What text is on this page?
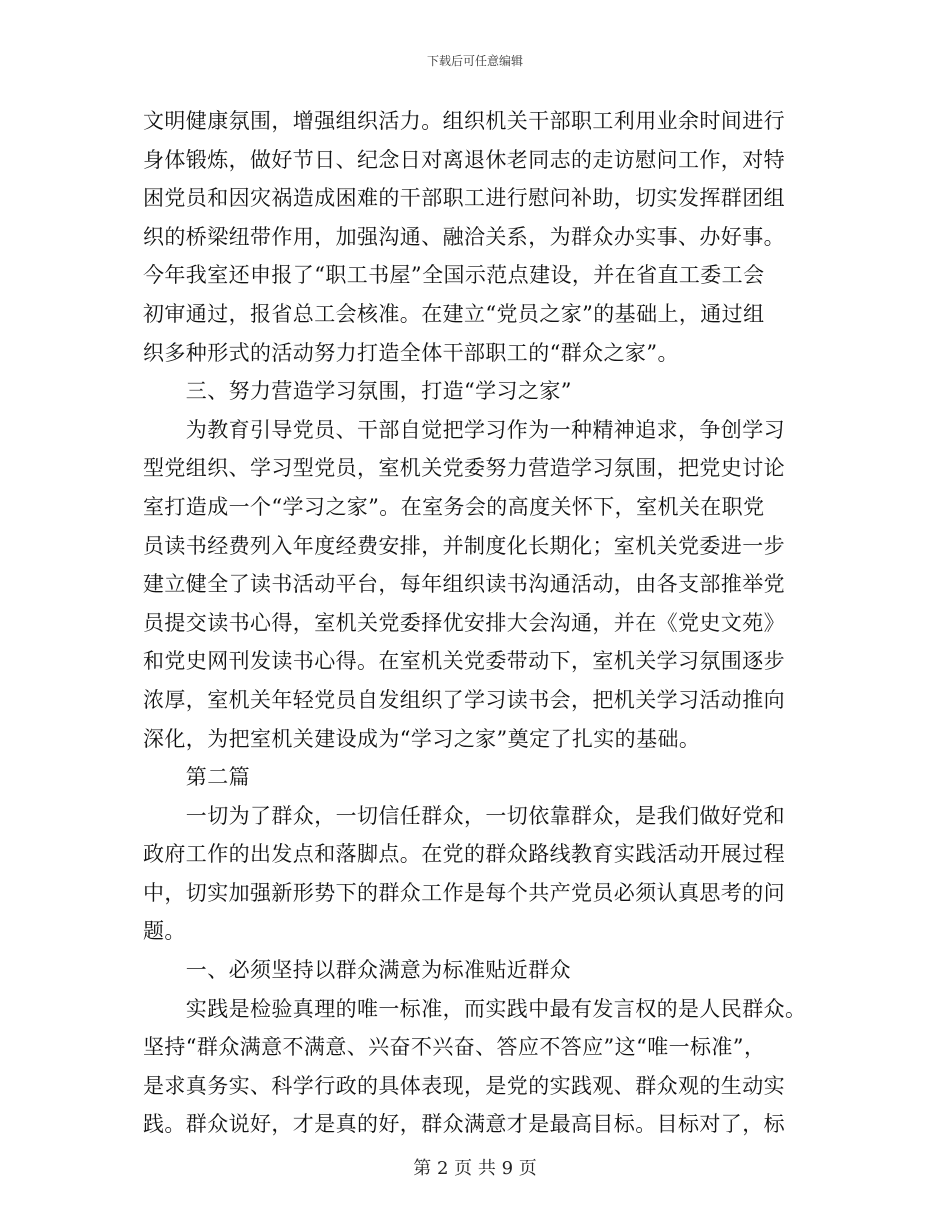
下载后可任意编辑
文明健康氛围，增强组织活力。组织机关干部职工利用业余时间进行
身体锻炼，做好节日、纪念日对离退休老同志的走访慰问工作，对特
困党员和因灾祸造成困难的干部职工进行慰问补助，切实发挥群团组
织的桥梁纽带作用，加强沟通、融洽关系，为群众办实事、办好事。
今年我室还申报了“职工书屋”全国示范点建设，并在省直工委工会
初审通过，报省总工会核准。在建立“党员之家”的基础上，通过组
织多种形式的活动努力打造全体干部职工的“群众之家”。
　　三、努力营造学习氛围，打造“学习之家”
　　为教育引导党员、干部自觉把学习作为一种精神追求，争创学习
型党组织、学习型党员，室机关党委努力营造学习氛围，把党史讨论
室打造成一个“学习之家”。在室务会的高度关怀下，室机关在职党
员读书经费列入年度经费安排，并制度化长期化；室机关党委进一步
建立健全了读书活动平台，每年组织读书沟通活动，由各支部推举党
员提交读书心得，室机关党委择优安排大会沟通，并在《党史文苑》
和党史网刊发读书心得。在室机关党委带动下，室机关学习氛围逐步
浓厚，室机关年轻党员自发组织了学习读书会，把机关学习活动推向
深化，为把室机关建设成为“学习之家”奠定了扎实的基础。
　　第二篇
　　一切为了群众，一切信任群众，一切依靠群众，是我们做好党和
政府工作的出发点和落脚点。在党的群众路线教育实践活动开展过程
中，切实加强新形势下的群众工作是每个共产党员必须认真思考的问
题。
　　一、必须坚持以群众满意为标准贴近群众
　　实践是检验真理的唯一标准，而实践中最有发言权的是人民群众。
坚持“群众满意不满意、兴奋不兴奋、答应不答应”这“唯一标准”，
是求真务实、科学行政的具体表现，是党的实践观、群众观的生动实
践。群众说好，才是真的好，群众满意才是最高目标。目标对了，标
第 2 页 共 9 页
